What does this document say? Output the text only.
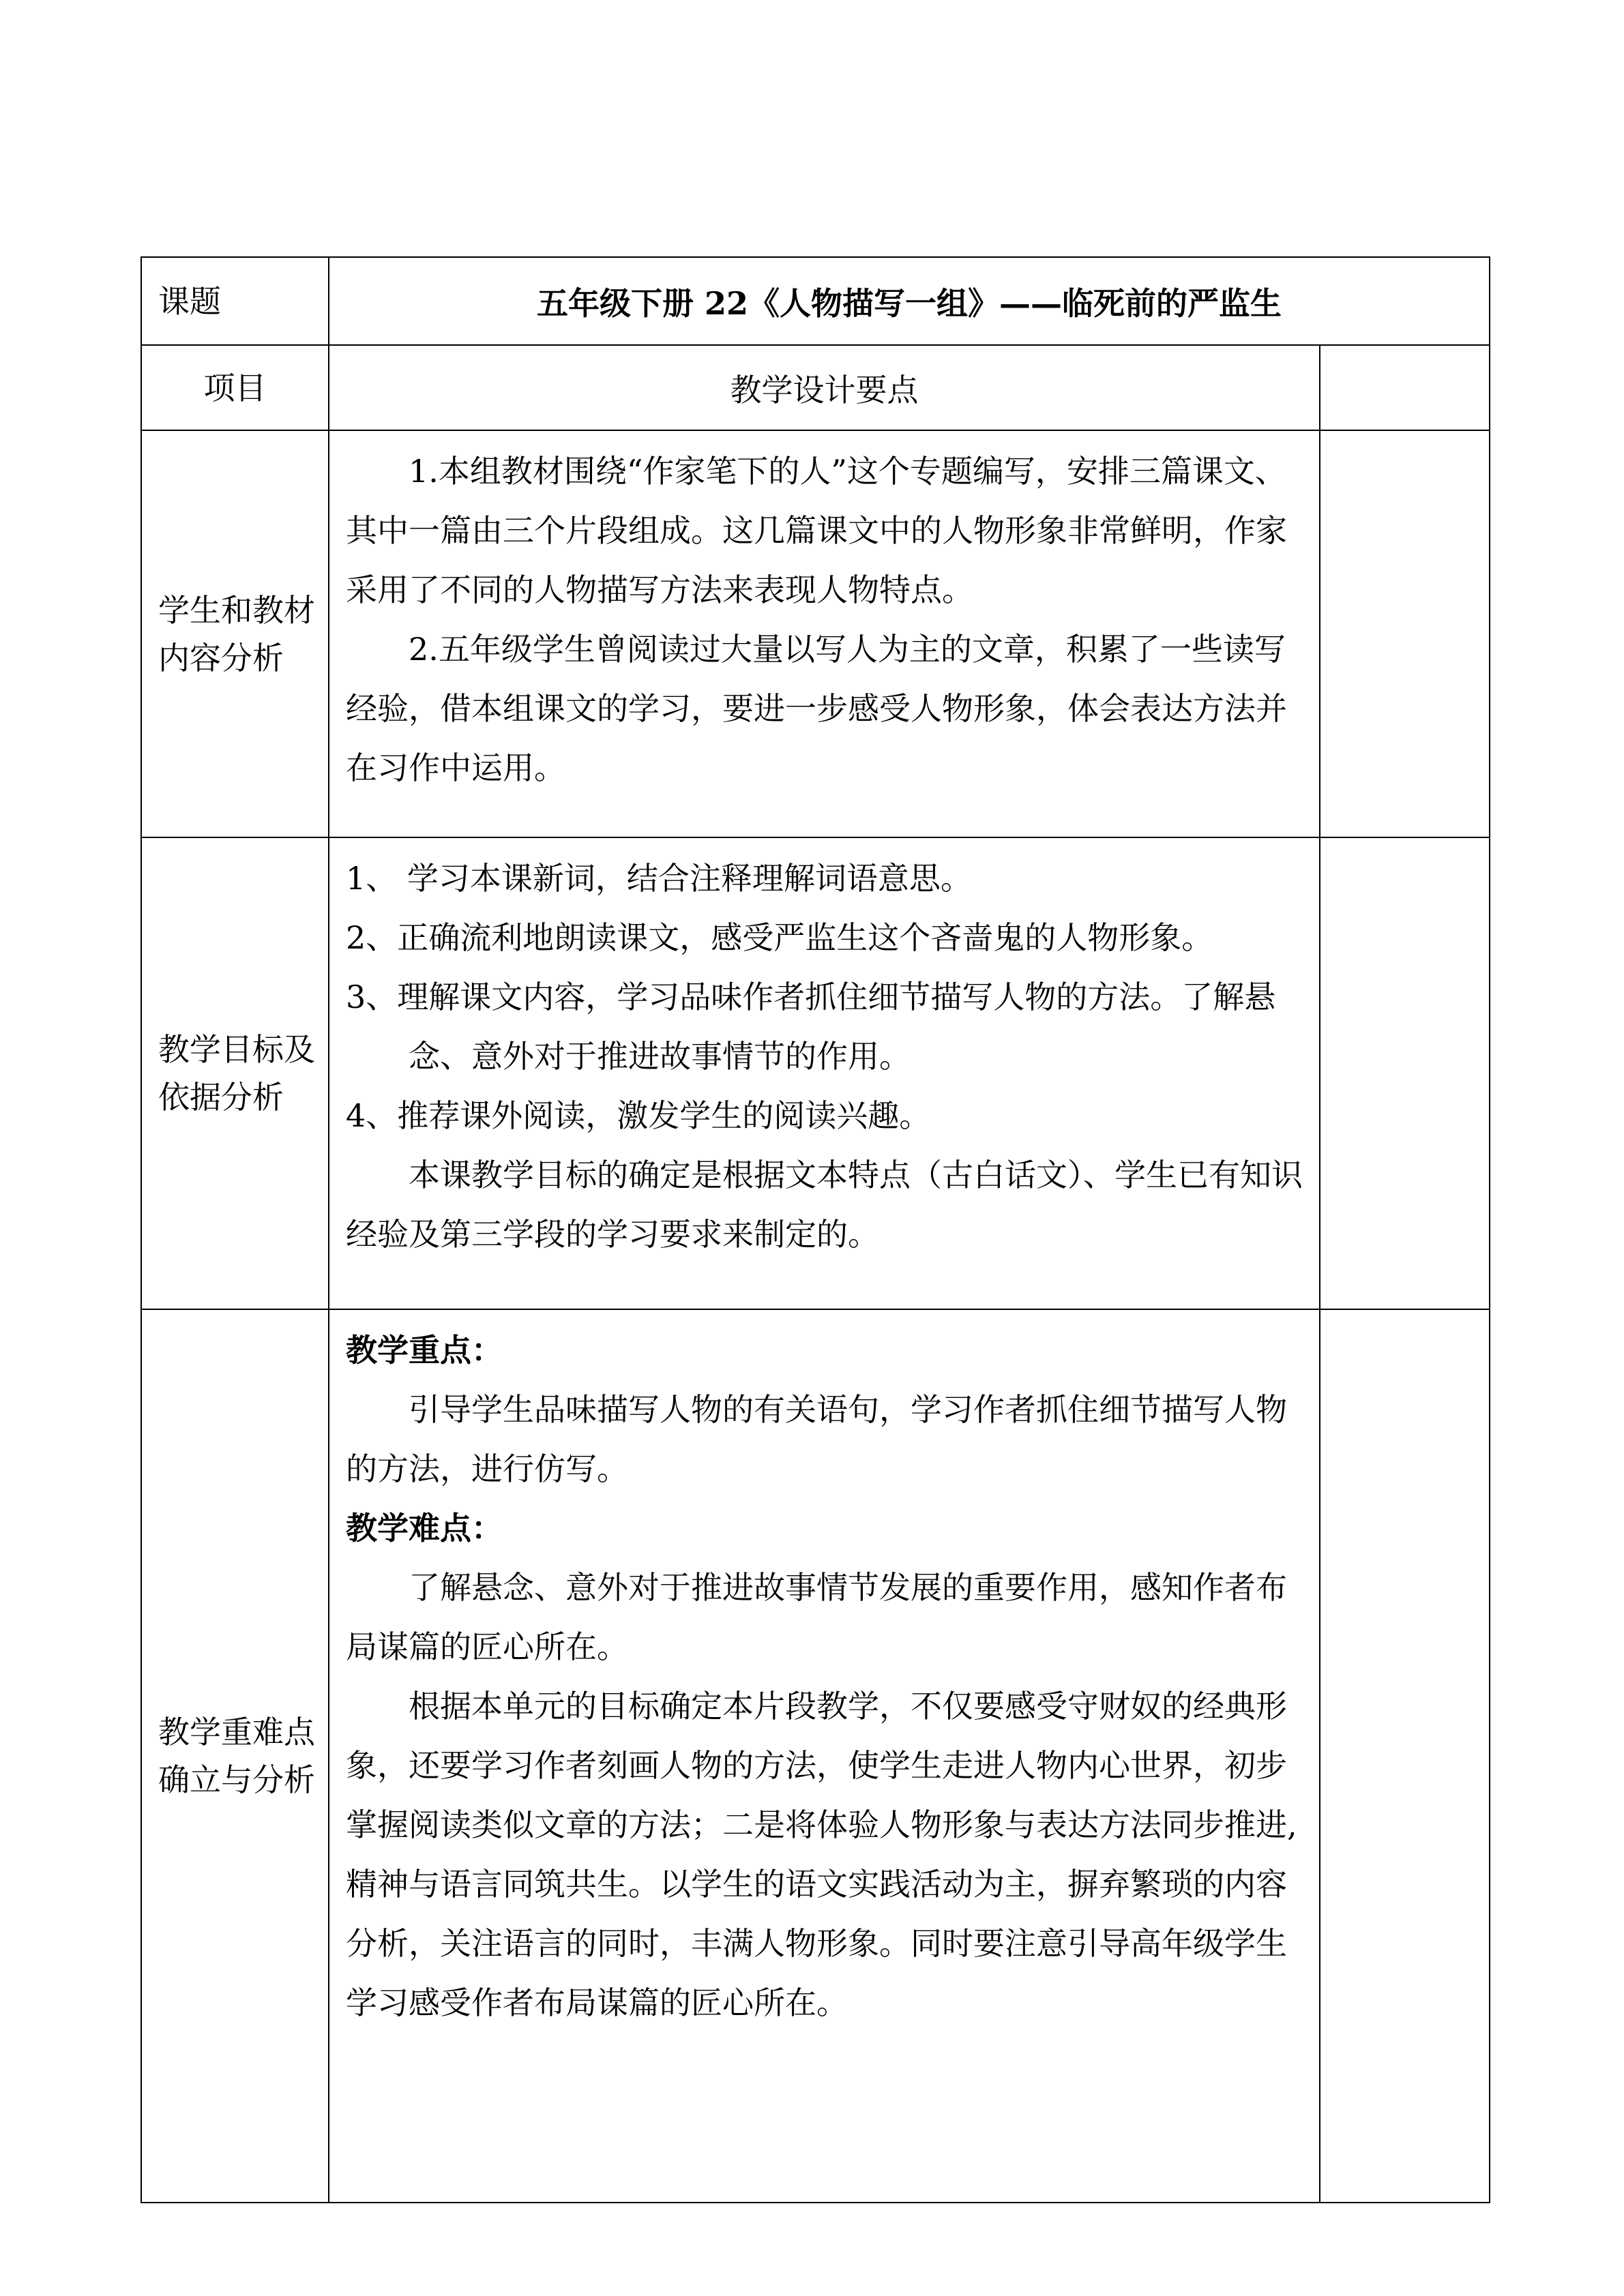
课题	五年级下册 22《人物描写一组》——临死前的严监生	
项目	教学设计要点	
学生和教材内容分析	1.本组教材围绕“作家笔下的人”这个专题编写，安排三篇课文、其中一篇由三个片段组成。这几篇课文中的人物形象非常鲜明，作家采用了不同的人物描写方法来表现人物特点。

2.五年级学生曾阅读过大量以写人为主的文章，积累了一些读写经验，借本组课文的学习，要进一步感受人物形象，体会表达方法并在习作中运用。	

教学目标及依据分析	1、 学习本课新词，结合注释理解词语意思。

2、正确流利地朗读课文，感受严监生这个吝啬鬼的人物形象。

3、理解课文内容，学习品味作者抓住细节描写人物的方法。了解悬念、意外对于推进故事情节的作用。

4、推荐课外阅读，激发学生的阅读兴趣。

本课教学目标的确定是根据文本特点（古白话文）、学生已有知识经验及第三学段的学习要求来制定的。	

教学重难点确立与分析	教学重点：

引导学生品味描写人物的有关语句，学习作者抓住细节描写人物的方法，进行仿写。

教学难点：

了解悬念、意外对于推进故事情节发展的重要作用，感知作者布局谋篇的匠心所在。

根据本单元的目标确定本片段教学，不仅要感受守财奴的经典形象，还要学习作者刻画人物的方法，使学生走进人物内心世界，初步掌握阅读类似文章的方法；二是将体验人物形象与表达方法同步推进,精神与语言同筑共生。以学生的语文实践活动为主，摒弃繁琐的内容分析，关注语言的同时，丰满人物形象。同时要注意引导高年级学生学习感受作者布局谋篇的匠心所在。	
